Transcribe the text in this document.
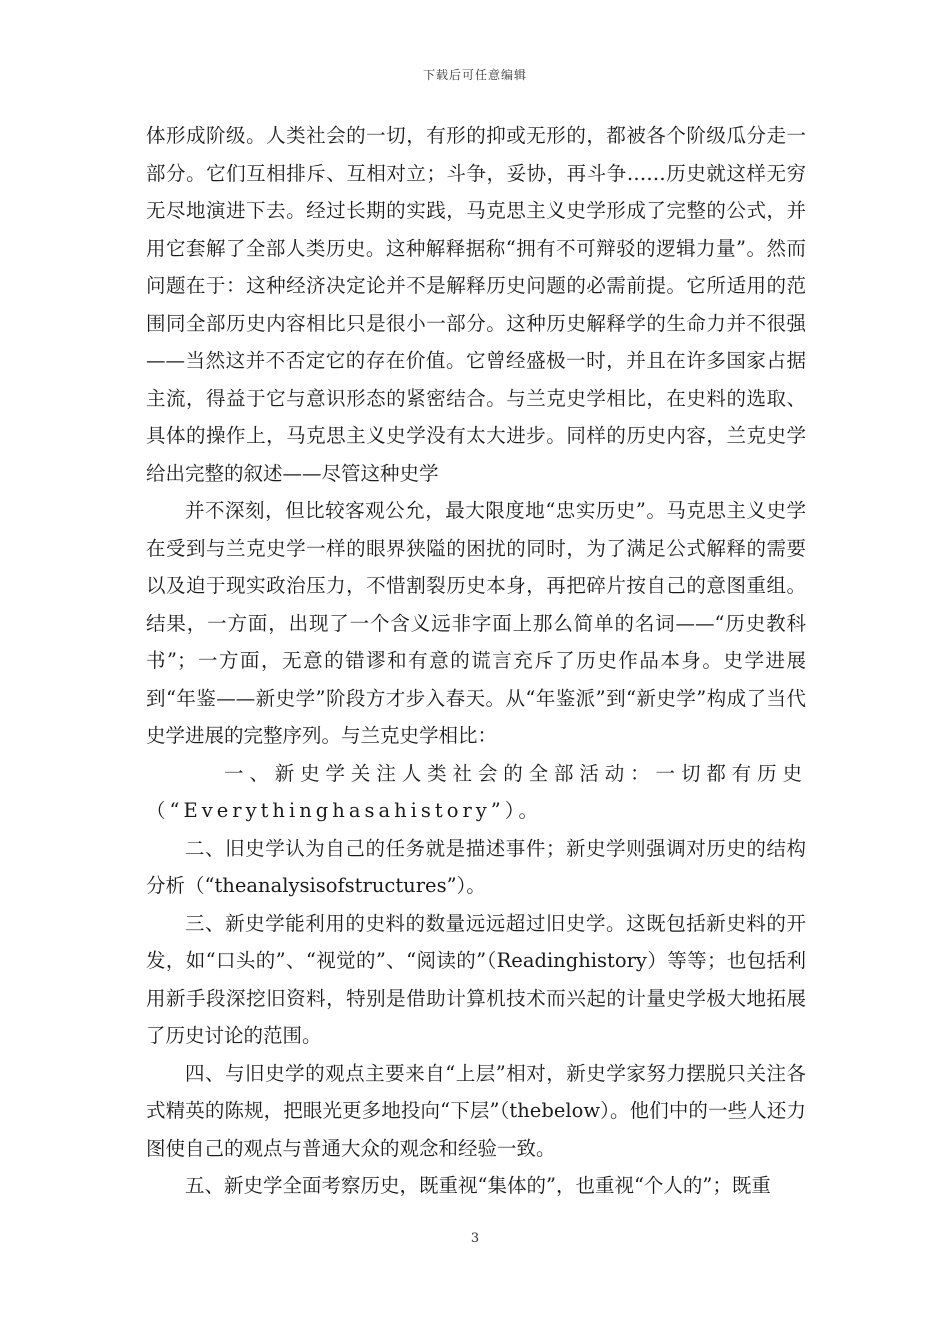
下载后可任意编辑

体形成阶级。人类社会的一切，有形的抑或无形的，都被各个阶级瓜分走一部分。它们互相排斥、互相对立；斗争，妥协，再斗争……历史就这样无穷无尽地演进下去。经过长期的实践，马克思主义史学形成了完整的公式，并用它套解了全部人类历史。这种解释据称“拥有不可辩驳的逻辑力量”。然而问题在于：这种经济决定论并不是解释历史问题的必需前提。它所适用的范围同全部历史内容相比只是很小一部分。这种历史解释学的生命力并不很强——当然这并不否定它的存在价值。它曾经盛极一时，并且在许多国家占据主流，得益于它与意识形态的紧密结合。与兰克史学相比，在史料的选取、具体的操作上，马克思主义史学没有太大进步。同样的历史内容，兰克史学给出完整的叙述——尽管这种史学

并不深刻，但比较客观公允，最大限度地“忠实历史”。马克思主义史学在受到与兰克史学一样的眼界狭隘的困扰的同时，为了满足公式解释的需要以及迫于现实政治压力，不惜割裂历史本身，再把碎片按自己的意图重组。结果，一方面，出现了一个含义远非字面上那么简单的名词——“历史教科书”；一方面，无意的错谬和有意的谎言充斥了历史作品本身。史学进展到“年鉴——新史学”阶段方才步入春天。从“年鉴派”到“新史学”构成了当代史学进展的完整序列。与兰克史学相比：

一、新史学关注人类社会的全部活动：一切都有历史（“Everythinghasahistory”）。

二、旧史学认为自己的任务就是描述事件；新史学则强调对历史的结构分析（“theanalysisofstructures”）。

三、新史学能利用的史料的数量远远超过旧史学。这既包括新史料的开发，如“口头的”、“视觉的”、“阅读的”（Readinghistory）等等；也包括利用新手段深挖旧资料，特别是借助计算机技术而兴起的计量史学极大地拓展了历史讨论的范围。

四、与旧史学的观点主要来自“上层”相对，新史学家努力摆脱只关注各式精英的陈规，把眼光更多地投向“下层”（thebelow）。他们中的一些人还力图使自己的观点与普通大众的观念和经验一致。

五、新史学全面考察历史，既重视“集体的”，也重视“个人的”；既重

3
